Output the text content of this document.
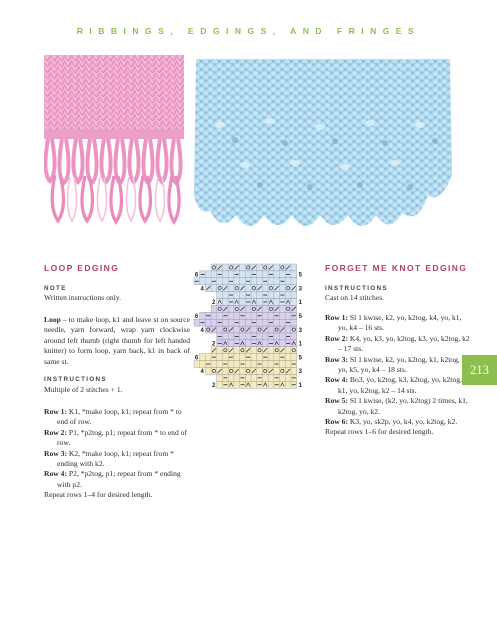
RIBBINGS, EDGINGS, AND FRINGES
LOOP EDGING
NOTE
Written instructions only.
Loop – to make loop, k1 and leave st on source needle, yarn forward, wrap yarn clockwise around left thumb (right thumb for left handed knitter) to form loop, yarn back, k1 in back of same st.
INSTRUCTIONS
Multiple of 2 stitches + 1.

Row 1: K1, *make loop, k1; repeat from * to end of row.

Row 2: P1, *p2tog, p1; repeat from * to end of row.

Row 3: K2, *make loop, k1; repeat from * ending with k2.

Row 4: P2, *p2tog, p1; repeat from * ending with p2.

Repeat rows 1–4 for desired length.

6
4
2
6
4
2
6
4
2
5
3
1
5
3
1
5
3
1
FORGET ME KNOT EDGING
INSTRUCTIONS
Cast on 14 stitches.

Row 1: Sl 1 kwise, k2, yo, k2tog, k4, yo, k1, yo, k4 – 16 sts.

Row 2: K4, yo, k3, yo, k2tog, k3, yo, k2tog, k2 – 17 sts.

Row 3: Sl 1 kwise, k2, yo, k2tog, k1, k2tog, yo, k5, yo, k4 – 18 sts.

Row 4: Bo3, yo, k2tog, k3, k2tog, yo, k2tog, k1, yo, k2tog, k2 – 14 sts.

Row 5: Sl 1 kwise, (k2, yo, k2tog) 2 times, k1, k2tog, yo, k2.

Row 6: K3, yo, sk2p, yo, k4, yo, k2tog, k2.

Repeat rows 1–6 for desired length.

213
